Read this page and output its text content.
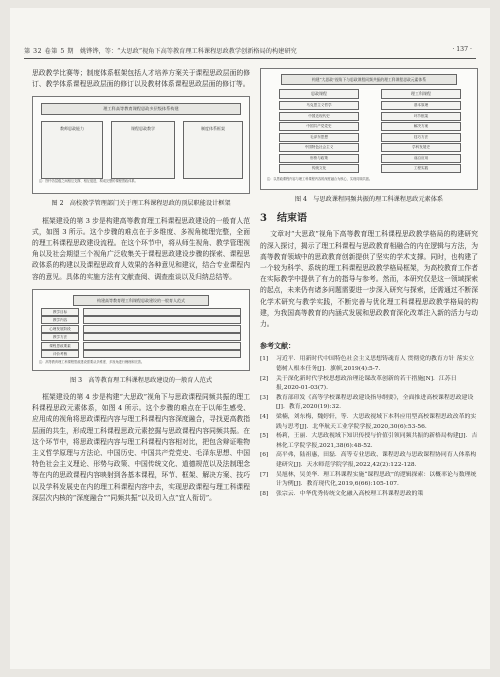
第 32 卷第 5 期 姚铧铧，等：“大思政”视角下高等教育理工科课程思政教学创新格局的构建研究	· 137 ·

思政教学比赛等；制度体系框架包括人才培养方案关于课程思政层面的修订、教学体系课程思政层面的修订以及教材体系课程思政层面的修订等。

理工科高等教育课程思政多层级体系构建
教师思政能力	课程思政教学	制度体系框架
注：图中各层级之间相互支撑、相互促进，构成完整的课程思政体系。
图 2　高校教学管理部门关于理工科课程思政的顶层职能设计框架

框架建设的第 3 步是构建高等教育理工科课程思政建设的一般育人范式，如图 3 所示。这个步骤的难点在于多维度、多视角梳理完整，全面的理工科课程思政建设流程。在这个环节中，将从师生视角、教学管理视角以及社会期望三个视角广泛收集关于课程思政建设步骤的探索、课程思政体系的构建以及课程思政育人效果的各种意见和建议，结合专业课程内容的意见。具体的实施方法有文献查阅、调查座谈以及归纳总结等。

构建高等教育理工科课程思政建设的一般育人范式
教学目标
教学内容
心理发展阶段
教学方法
课程思政要素
评价考核
注：高等教育理工科课程思政建设需要从多维度、多视角进行梳理和完善。
图 3　高等教育理工科课程思政建设的一般育人范式

框架建设的第 4 步是构建“大思政”视角下与思政课程同频共振的理工科课程思政元素体系，如图 4 所示。这个步骤的难点在于以师生感受、应用成的视角将思政课程内容与理工科课程内容深度融合，寻找更高教指层面的共生，形成理工科课程思政元素挖掘与思政课程内容同频共振。在这个环节中，将思政课程内容与理工科课程内容相对比，把包含辩证唯物主义哲学原理与方法论、中国历史、中国共产党党史、毛泽东思想、中国特色社会主义理论、形势与政策、中国传统文化、道德规范以及法制理念等在内的思政课程内容映射到各基本课程，环节、框架、解决方案、技巧以及学科发展史在内的理工科课程内容中去，实现思政课程与理工科课程深层次内核的“深度融合”“同频共振”以及切入点“宜人衔切”。

构建“大思政”视角下与思政课程同频共振的理工科课程思政元素体系
思政课程	理工科课程
马克思主义哲学
中国近现代史
中国共产党党史
毛泽东思想
中国特色社会主义
形势与政策
传统文化
基本原理
环节框架
解决方案
技巧方法
学科发展史
前沿应用
工程实践
注：以思政课程内容与理工科课程内容的深度融合为核心，实现同频共振。
图 4　与思政课程同频共振的理工科课程思政元素体系
3　结束语

文章对“大思政”视角下高等教育理工科课程思政教学格局的构建研究的深入探讨，揭示了理工科课程与思政教育相融合的内在逻辑与方法，为高等教育领域中的思政教育创新提供了坚实的学术支撑。同时，也构建了一个较为科学、系统的理工科课程思政教学格局框架，为高校教育工作者在实际教学中提供了有力的指导与参考。然而，本研究仅是这一领域探索的起点，未来仍有诸多问题需要进一步深入研究与探索，还需通过不断深化学术研究与教学实践，不断完善与优化理工科课程思政教学格局的构建，为我国高等教育的内涵式发展和思政教育深化改革注入新的活力与动力。

参考文献：
[1] 习近平．用新时代中国特色社会主义思想铸魂育人 贯彻党的教育方针 落实立德树人根本任务[J]．旗帜,2019(4):5-7.
[2] 关于深化新时代学校思想政治理论课改革创新的若干措施[N]．江苏日报,2020-01-03(7).
[3] 教育部印发《高等学校课程思政建设指导纲要》，全面推进高校课程思政建设[J]．教育,2020(19):32.
[4] 梁楠，刘东梅，魏婷轩，等．大思政视域下本科应用型高校课程思政改革的实践与思考[J]．北华航天工业学院学报,2020,30(6):53-56.
[5] 杨莉，王丽．大思政视域下知识传授与价值引领同频共振的新格局构建[J]．吉林化工学院学报,2021,38(6):48-52.
[6] 高平弗，陆祖惠，田磊．高等专业思政、课程思政与思政课程协同育人体系构建研究[J]．天水师范学院学报,2022,42(2):122-128.
[7] 吴旭林，吴美华．理工科课程实施“课程思政”的逻辑探索：以概率论与数理统计为例[J]．教育现代化,2019,6(66):105-107.
[8] 张宗云．中华优秀传统文化融入高校理工科课程思政的策
